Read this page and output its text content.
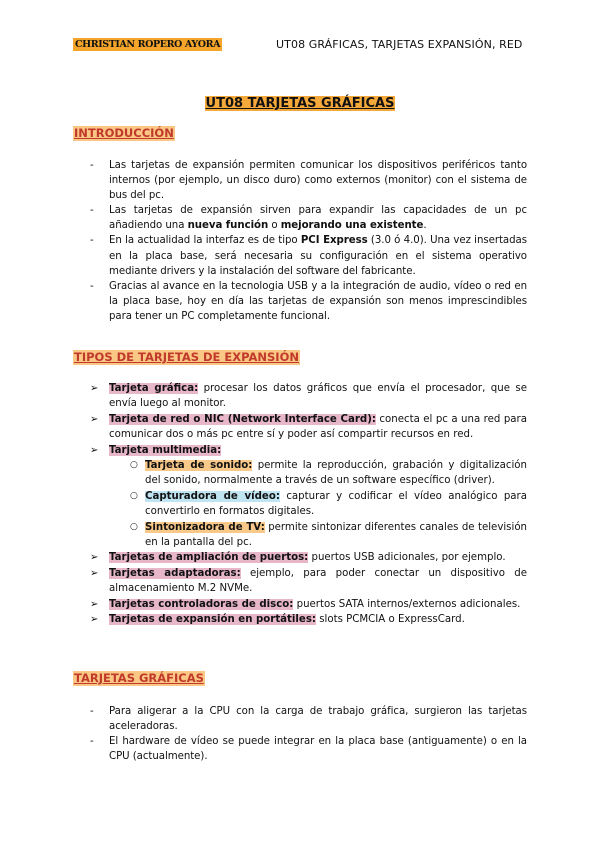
CHRISTIAN ROPERO AYORA	UT08 GRÁFICAS, TARJETAS EXPANSIÓN, RED
UT08 TARJETAS GRÁFICAS
INTRODUCCIÓN
- Las tarjetas de expansión permiten comunicar los dispositivos periféricos tanto internos (por ejemplo, un disco duro) como externos (monitor) con el sistema de bus del pc.
- Las tarjetas de expansión sirven para expandir las capacidades de un pc añadiendo una nueva función o mejorando una existente.
- En la actualidad la interfaz es de tipo PCI Express (3.0 ó 4.0). Una vez insertadas en la placa base, será necesaria su configuración en el sistema operativo mediante drivers y la instalación del software del fabricante.
- Gracias al avance en la tecnologia USB y a la integración de audio, vídeo o red en la placa base, hoy en día las tarjetas de expansión son menos imprescindibles para tener un PC completamente funcional.
TIPOS DE TARJETAS DE EXPANSIÓN
➢ Tarjeta gráfica: procesar los datos gráficos que envía el procesador, que se envía luego al monitor.
➢ Tarjeta de red o NIC (Network Interface Card): conecta el pc a una red para comunicar dos o más pc entre sí y poder así compartir recursos en red.
➢ Tarjeta multimedia:
○ Tarjeta de sonido: permite la reproducción, grabación y digitalización del sonido, normalmente a través de un software específico (driver).
○ Capturadora de vídeo: capturar y codificar el vídeo analógico para convertirlo en formatos digitales.
○ Sintonizadora de TV: permite sintonizar diferentes canales de televisión en la pantalla del pc.
➢ Tarjetas de ampliación de puertos: puertos USB adicionales, por ejemplo.
➢ Tarjetas adaptadoras: ejemplo, para poder conectar un dispositivo de almacenamiento M.2 NVMe.
➢ Tarjetas controladoras de disco: puertos SATA internos/externos adicionales.
➢ Tarjetas de expansión en portátiles: slots PCMCIA o ExpressCard.
TARJETAS GRÁFICAS
- Para aligerar a la CPU con la carga de trabajo gráfica, surgieron las tarjetas aceleradoras.
- El hardware de vídeo se puede integrar en la placa base (antiguamente) o en la CPU (actualmente).
